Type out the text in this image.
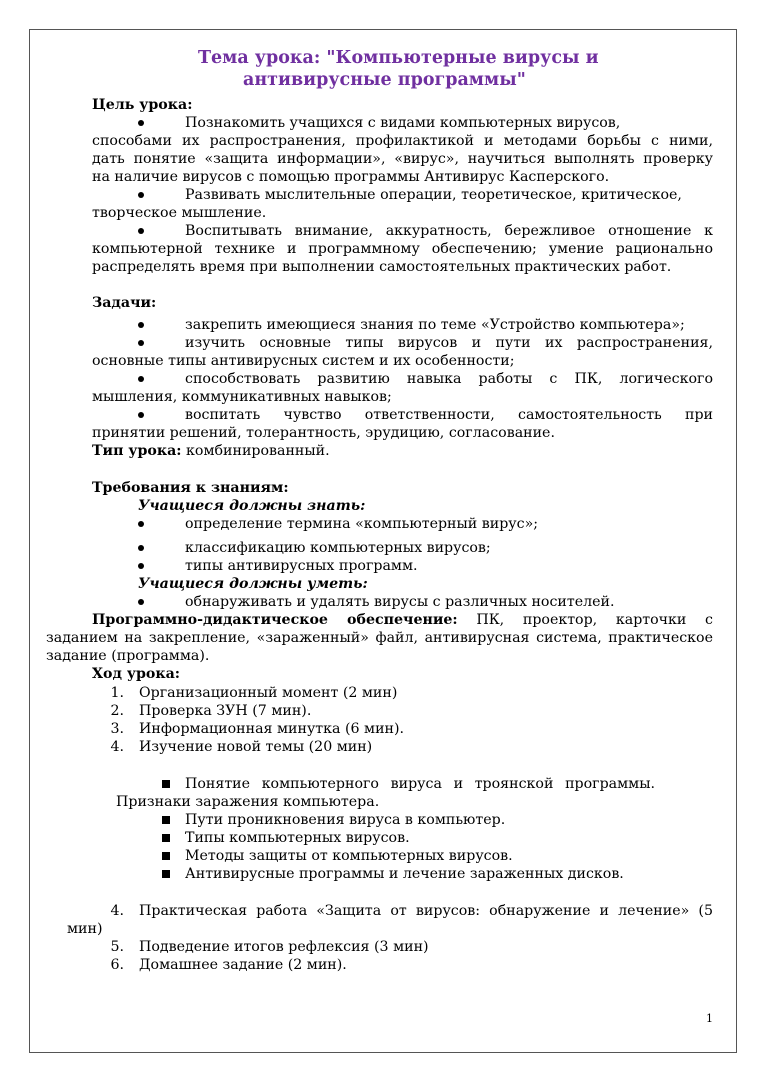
Тема урока: "Компьютерные вирусы и
антивирусные программы"
Цель урока:
Познакомить учащихся с видами компьютерных вирусов,
способами их распространения, профилактикой и методами борьбы с ними,
дать понятие «защита информации», «вирус», научиться выполнять проверку
на наличие вирусов с помощью программы Антивирус Касперского.
Развивать мыслительные операции, теоретическое, критическое,
творческое мышление.
Воспитывать внимание, аккуратность, бережливое отношение к
компьютерной технике и программному обеспечению; умение рационально
распределять время при выполнении самостоятельных практических работ.
Задачи:
закрепить имеющиеся знания по теме «Устройство компьютера»;
изучить основные типы вирусов и пути их распространения,
основные типы антивирусных систем и их особенности;
способствовать развитию навыка работы с ПК, логического
мышления, коммуникативных навыков;
воспитать чувство ответственности, самостоятельность при
принятии решений, толерантность, эрудицию, согласование.
Тип урока: комбинированный.
Требования к знаниям:
Учащиеся должны знать:
определение термина «компьютерный вирус»;
классификацию компьютерных вирусов;
типы антивирусных программ.
Учащиеся должны уметь:
обнаруживать и удалять вирусы с различных носителей.
Программно-дидактическое обеспечение: ПК, проектор, карточки с
заданием на закрепление, «зараженный» файл, антивирусная система, практическое
задание (программа).
Ход урока:
1. Организационный момент (2 мин)
2. Проверка ЗУН (7 мин).
3. Информационная минутка (6 мин).
4. Изучение новой темы (20 мин)
Понятие компьютерного вируса и троянской программы.
Признаки заражения компьютера.
Пути проникновения вируса в компьютер.
Типы компьютерных вирусов.
Методы защиты от компьютерных вирусов.
Антивирусные программы и лечение зараженных дисков.
4. Практическая работа «Защита от вирусов: обнаружение и лечение» (5
мин)
5. Подведение итогов рефлексия (3 мин)
6. Домашнее задание (2 мин).
1
